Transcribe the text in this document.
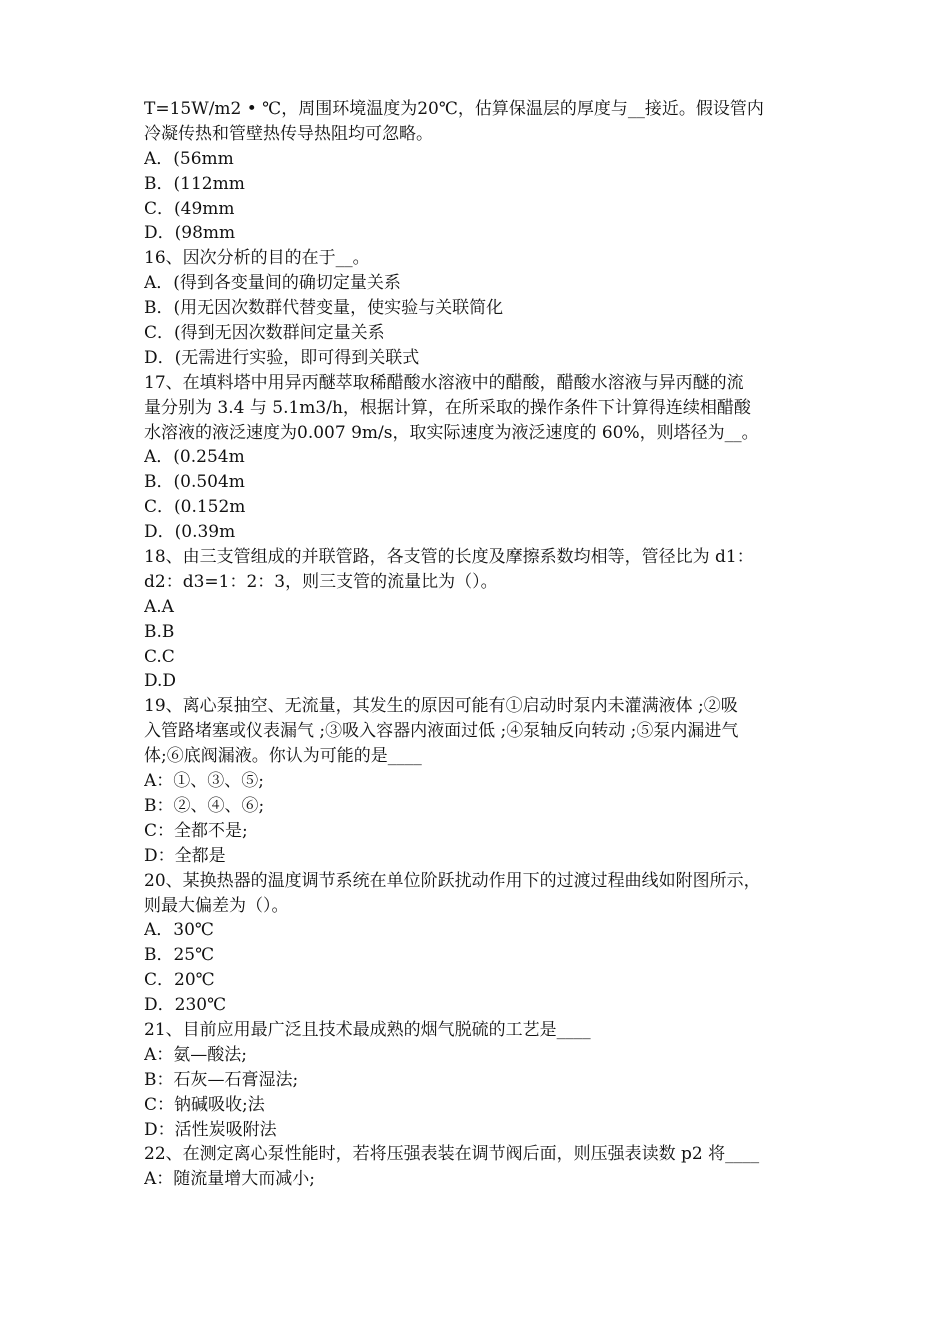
T=15W/m2 • ℃，周围环境温度为20℃，估算保温层的厚度与__接近。假设管内
冷凝传热和管壁热传导热阻均可忽略。
A．(56mm
B．(112mm
C．(49mm
D．(98mm
16、因次分析的目的在于__。
A．(得到各变量间的确切定量关系
B．(用无因次数群代替变量，使实验与关联简化
C．(得到无因次数群间定量关系
D．(无需进行实验，即可得到关联式
17、在填料塔中用异丙醚萃取稀醋酸水溶液中的醋酸，醋酸水溶液与异丙醚的流
量分别为 3.4 与 5.1m3/h，根据计算，在所采取的操作条件下计算得连续相醋酸
水溶液的液泛速度为0.007 9m/s，取实际速度为液泛速度的 60%，则塔径为__。
A．(0.254m
B．(0.504m
C．(0.152m
D．(0.39m
18、由三支管组成的并联管路，各支管的长度及摩擦系数均相等，管径比为 d1：
d2：d3=1：2：3，则三支管的流量比为（）。
A.A
B.B
C.C
D.D
19、离心泵抽空、无流量，其发生的原因可能有①启动时泵内未灌满液体 ;②吸
入管路堵塞或仪表漏气 ;③吸入容器内液面过低 ;④泵轴反向转动 ;⑤泵内漏进气
体;⑥底阀漏液。你认为可能的是____
A：①、③、⑤;
B：②、④、⑥;
C：全都不是;
D：全都是
20、某换热器的温度调节系统在单位阶跃扰动作用下的过渡过程曲线如附图所示，
则最大偏差为（）。
A．30℃
B．25℃
C．20℃
D．230℃
21、目前应用最广泛且技术最成熟的烟气脱硫的工艺是____
A：氨—酸法;
B：石灰—石膏湿法;
C：钠碱吸收;法
D：活性炭吸附法
22、在测定离心泵性能时，若将压强表装在调节阀后面，则压强表读数 p2 将____
A：随流量增大而减小;
